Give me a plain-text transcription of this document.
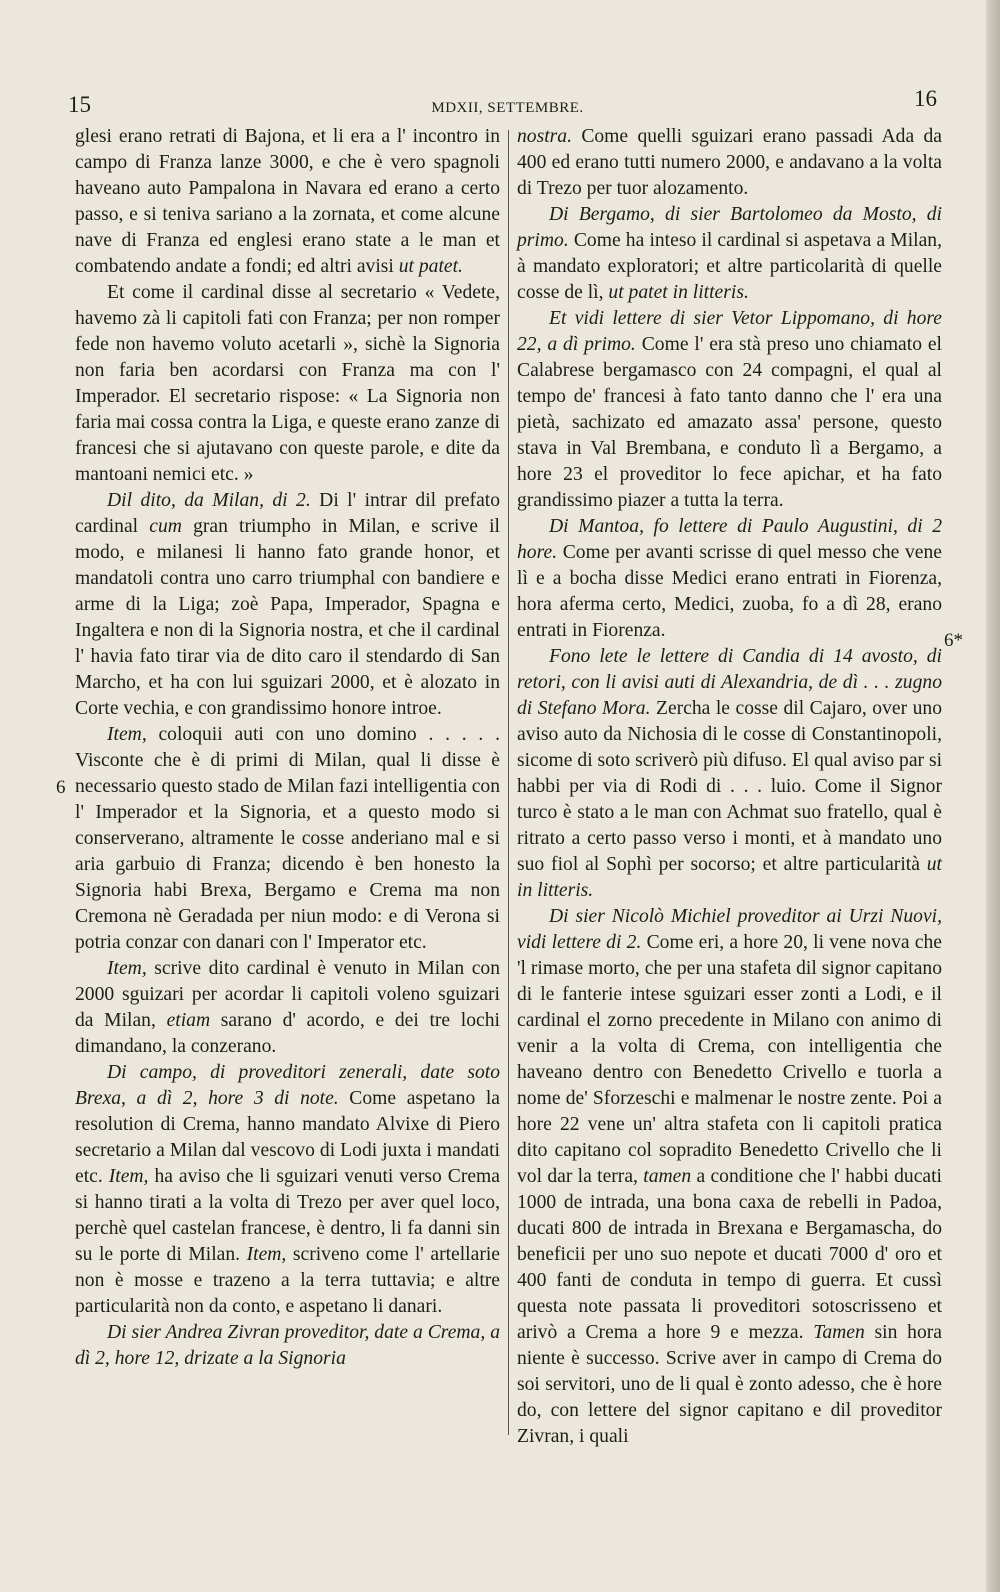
15	MDXII, SETTEMBRE.	16
6
6*

glesi erano retrati di Bajona, et li era a l' incontro in campo di Franza lanze 3000, e che è vero spagnoli haveano auto Pampalona in Navara ed erano a certo passo, e si teniva sariano a la zornata, et come alcune nave di Franza ed englesi erano state a le man et combatendo andate a fondi; ed altri avisi ut patet.

Et come il cardinal disse al secretario « Vedete, havemo zà li capitoli fati con Franza; per non romper fede non havemo voluto acetarli », sichè la Signoria non faria ben acordarsi con Franza ma con l' Imperador. El secretario rispose: « La Signoria non faria mai cossa contra la Liga, e queste erano zanze di francesi che si ajutavano con queste parole, e dite da mantoani nemici etc. »

Dil dito, da Milan, di 2. Di l' intrar dil prefato cardinal cum gran triumpho in Milan, e scrive il modo, e milanesi li hanno fato grande honor, et mandatoli contra uno carro triumphal con bandiere e arme di la Liga; zoè Papa, Imperador, Spagna e Ingaltera e non di la Signoria nostra, et che il cardinal l' havia fato tirar via de dito caro il stendardo di San Marcho, et ha con lui sguizari 2000, et è alozato in Corte vechia, e con grandissimo honore introe.

Item, coloquii auti con uno domino . . . . . Visconte che è di primi di Milan, qual li disse è necessario questo stado de Milan fazi intelligentia con l' Imperador et la Signoria, et a questo modo si conserverano, altramente le cosse anderiano mal e si aria garbuio di Franza; dicendo è ben honesto la Signoria habi Brexa, Bergamo e Crema ma non Cremona nè Geradada per niun modo: e di Verona si potria conzar con danari con l' Imperator etc.

Item, scrive dito cardinal è venuto in Milan con 2000 sguizari per acordar li capitoli voleno sguizari da Milan, etiam sarano d' acordo, e dei tre lochi dimandano, la conzerano.

Di campo, di proveditori zenerali, date soto Brexa, a dì 2, hore 3 di note. Come aspetano la resolution di Crema, hanno mandato Alvixe di Piero secretario a Milan dal vescovo di Lodi juxta i mandati etc. Item, ha aviso che li sguizari venuti verso Crema si hanno tirati a la volta di Trezo per aver quel loco, perchè quel castelan francese, è dentro, li fa danni sin su le porte di Milan. Item, scriveno come l' artellarie non è mosse e trazeno a la terra tuttavia; e altre particularità non da conto, e aspetano li danari.

Di sier Andrea Zivran proveditor, date a Crema, a dì 2, hore 12, drizate a la Signoria

nostra. Come quelli sguizari erano passadi Ada da 400 ed erano tutti numero 2000, e andavano a la volta di Trezo per tuor alozamento.

Di Bergamo, di sier Bartolomeo da Mosto, di primo. Come ha inteso il cardinal si aspetava a Milan, à mandato exploratori; et altre particolarità di quelle cosse de lì, ut patet in litteris.

Et vidi lettere di sier Vetor Lippomano, di hore 22, a dì primo. Come l' era stà preso uno chiamato el Calabrese bergamasco con 24 compagni, el qual al tempo de' francesi à fato tanto danno che l' era una pietà, sachizato ed amazato assa' persone, questo stava in Val Brembana, e conduto lì a Bergamo, a hore 23 el proveditor lo fece apichar, et ha fato grandissimo piazer a tutta la terra.

Di Mantoa, fo lettere di Paulo Augustini, di 2 hore. Come per avanti scrisse di quel messo che vene lì e a bocha disse Medici erano entrati in Fiorenza, hora aferma certo, Medici, zuoba, fo a dì 28, erano entrati in Fiorenza.

Fono lete le lettere di Candia di 14 avosto, di retori, con li avisi auti di Alexandria, de dì . . . zugno di Stefano Mora. Zercha le cosse dil Cajaro, over uno aviso auto da Nichosia di le cosse di Constantinopoli, sicome di soto scriverò più difuso. El qual aviso par si habbi per via di Rodi di . . . luio. Come il Signor turco è stato a le man con Achmat suo fratello, qual è ritrato a certo passo verso i monti, et à mandato uno suo fiol al Sophì per socorso; et altre particularità ut in litteris.

Di sier Nicolò Michiel proveditor ai Urzi Nuovi, vidi lettere di 2. Come eri, a hore 20, li vene nova che 'l rimase morto, che per una stafeta dil signor capitano di le fanterie intese sguizari esser zonti a Lodi, e il cardinal el zorno precedente in Milano con animo di venir a la volta di Crema, con intelligentia che haveano dentro con Benedetto Crivello e tuorla a nome de' Sforzeschi e malmenar le nostre zente. Poi a hore 22 vene un' altra stafeta con li capitoli pratica dito capitano col sopradito Benedetto Crivello che li vol dar la terra, tamen a conditione che l' habbi ducati 1000 de intrada, una bona caxa de rebelli in Padoa, ducati 800 de intrada in Brexana e Bergamascha, do beneficii per uno suo nepote et ducati 7000 d' oro et 400 fanti de conduta in tempo di guerra. Et cussì questa note passata li proveditori sotoscrisseno et arivò a Crema a hore 9 e mezza. Tamen sin hora niente è successo. Scrive aver in campo di Crema do soi servitori, uno de li qual è zonto adesso, che è hore do, con lettere del signor capitano e dil proveditor Zivran, i quali
